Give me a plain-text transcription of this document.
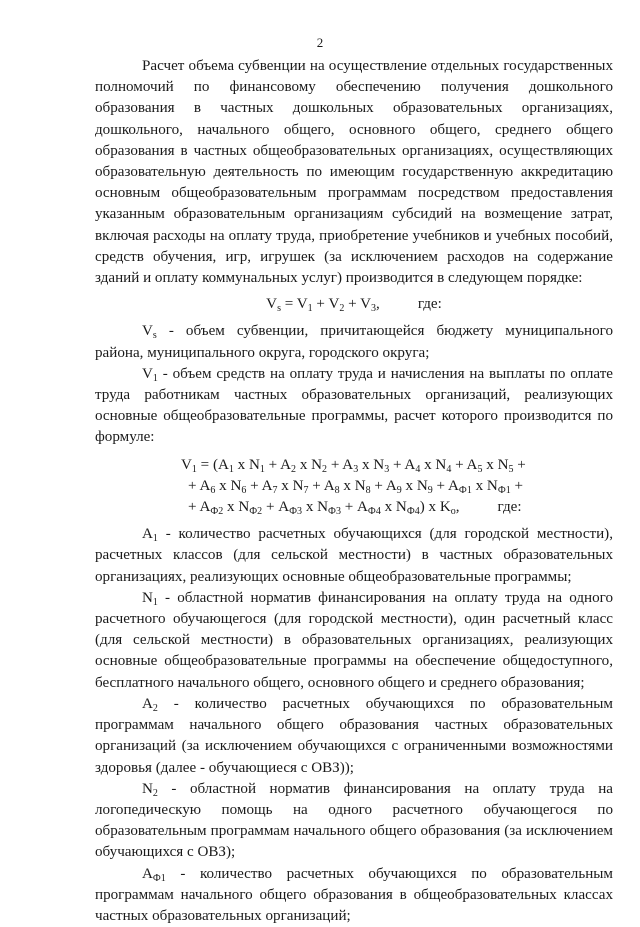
2

Расчет объема субвенции на осуществление отдельных государственных полномочий по финансовому обеспечению получения дошкольного образования в частных дошкольных образовательных организациях, дошкольного, начального общего, основного общего, среднего общего образования в частных общеобразовательных организациях, осуществляющих образовательную деятельность по имеющим государственную аккредитацию основным общеобразовательным программам посредством предоставления указанным образовательным организациям субсидий на возмещение затрат, включая расходы на оплату труда, приобретение учебников и учебных пособий, средств обучения, игр, игрушек (за исключением расходов на содержание зданий и оплату коммунальных услуг) производится в следующем порядке:

$V_s = V_1 + V_2 + V_3$,	где:

$V_s$ - объем субвенции, причитающейся бюджету муниципального района, муниципального округа, городского округа;

$V_1$ - объем средств на оплату труда и начисления на выплаты по оплате труда работникам частных образовательных организаций, реализующих основные общеобразовательные программы, расчет которого производится по формуле:

$V_1 = (A_1$ x $N_1 + A_2$ x $N_2 + A_3$ x $N_3 + A_4$ x $N_4 + A_5$ x $N_5$ +

+ $A_6$ x $N_6 + A_7$ x $N_7 + A_8$ x $N_8 + A_9$ x $N_9 + A_{Ф1}$ x $N_{Ф1}$ +

+ $A_{Ф2}$ x $N_{Ф2} + A_{Ф3}$ x $N_{Ф3} + A_{Ф4}$ x $N_{Ф4}$) x $K_о$,	где:

$A_1$ - количество расчетных обучающихся (для городской местности), расчетных классов (для сельской местности) в частных образовательных организациях, реализующих основные общеобразовательные программы;

$N_1$ - областной норматив финансирования на оплату труда на одного расчетного обучающегося (для городской местности), один расчетный класс (для сельской местности) в образовательных организациях, реализующих основные общеобразовательные программы на обеспечение общедоступного, бесплатного начального общего, основного общего и среднего образования;

$A_2$ - количество расчетных обучающихся по образовательным программам начального общего образования частных образовательных организаций (за исключением обучающихся с ограниченными возможностями здоровья (далее - обучающиеся с ОВЗ));

$N_2$ - областной норматив финансирования на оплату труда на логопедическую помощь на одного расчетного обучающегося по образовательным программам начального общего образования (за исключением обучающихся с ОВЗ);

$A_{Ф1}$ - количество расчетных обучающихся по образовательным программам начального общего образования в общеобразовательных классах частных образовательных организаций;
